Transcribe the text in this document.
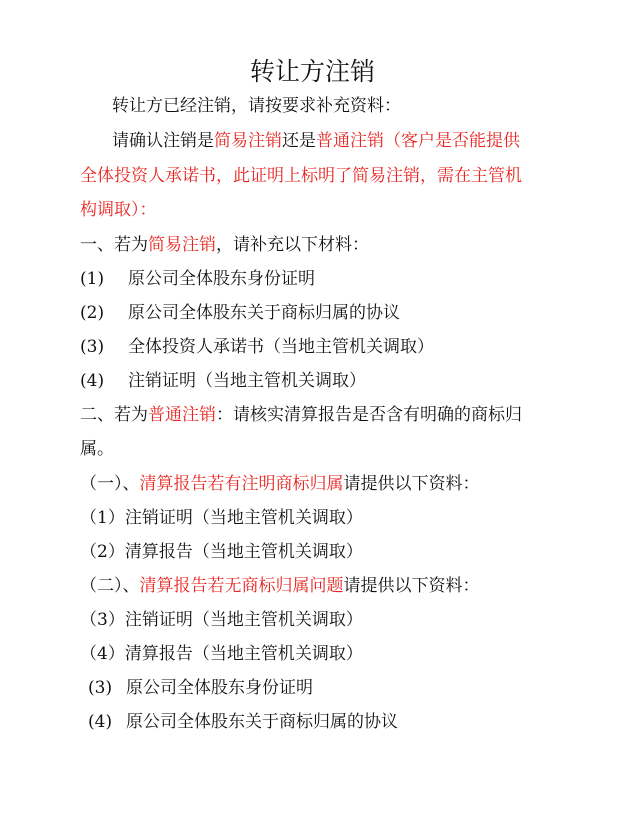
转让方注销
转让方已经注销，请按要求补充资料：
请确认注销是简易注销还是普通注销（客户是否能提供
全体投资人承诺书，此证明上标明了简易注销，需在主管机
构调取）：
一、若为简易注销，请补充以下材料：
(1) 原公司全体股东身份证明
(2) 原公司全体股东关于商标归属的协议
(3) 全体投资人承诺书（当地主管机关调取）
(4) 注销证明（当地主管机关调取）
二、若为普通注销：请核实清算报告是否含有明确的商标归
属。
（一）、清算报告若有注明商标归属请提供以下资料：
（1）注销证明（当地主管机关调取）
（2）清算报告（当地主管机关调取）
（二）、清算报告若无商标归属问题请提供以下资料：
（3）注销证明（当地主管机关调取）
（4）清算报告（当地主管机关调取）
(3) 原公司全体股东身份证明
(4) 原公司全体股东关于商标归属的协议
